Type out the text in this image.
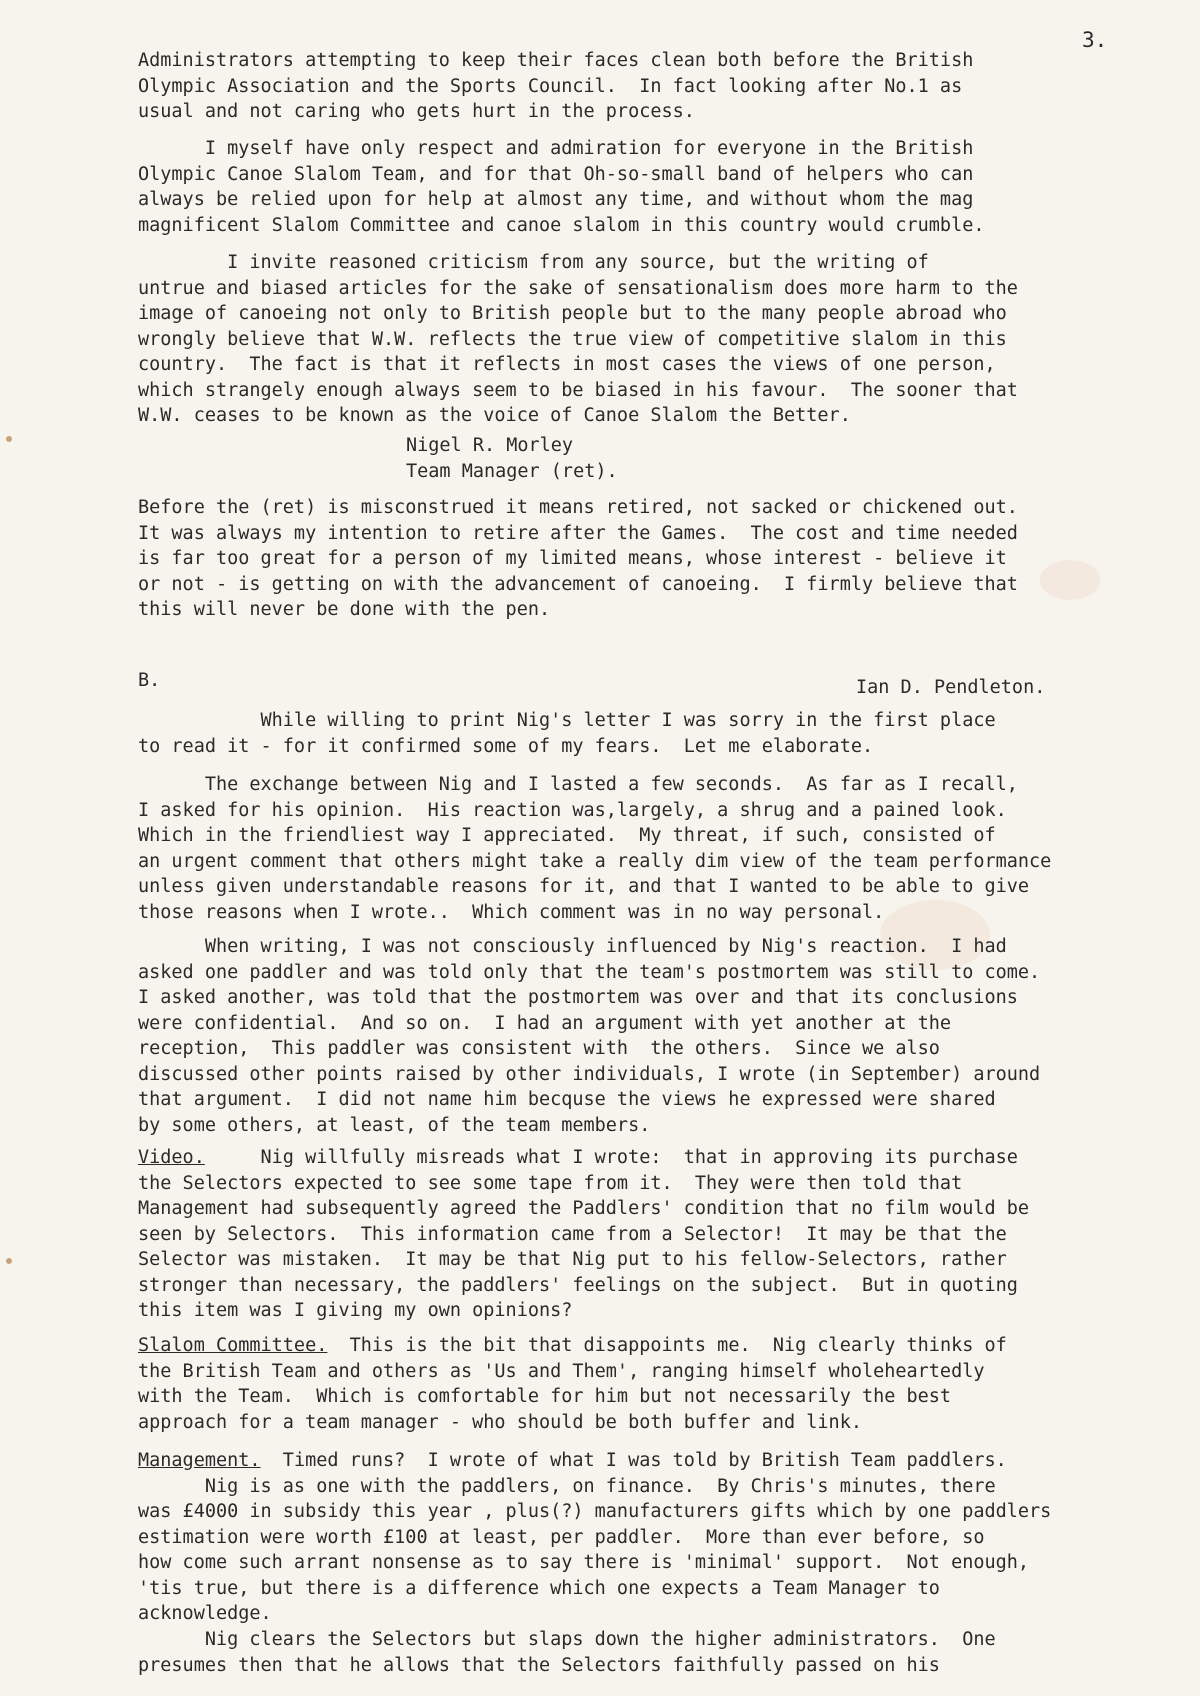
3.
Administrators attempting to keep their faces clean both before the British
Olympic Association and the Sports Council.  In fact looking after No.1 as
usual and not caring who gets hurt in the process.
I myself have only respect and admiration for everyone in the British
Olympic Canoe Slalom Team, and for that Oh-so-small band of helpers who can
always be relied upon for help at almost any time, and without whom the mag
magnificent Slalom Committee and canoe slalom in this country would crumble.
I invite reasoned criticism from any source, but the writing of
untrue and biased articles for the sake of sensationalism does more harm to the
image of canoeing not only to British people but to the many people abroad who
wrongly believe that W.W. reflects the true view of competitive slalom in this
country.  The fact is that it reflects in most cases the views of one person,
which strangely enough always seem to be biased in his favour.  The sooner that
W.W. ceases to be known as the voice of Canoe Slalom the Better.
Nigel R. Morley
Team Manager (ret).
Before the (ret) is misconstrued it means retired, not sacked or chickened out.
It was always my intention to retire after the Games.  The cost and time needed
is far too great for a person of my limited means, whose interest - believe it
or not - is getting on with the advancement of canoeing.  I firmly believe that
this will never be done with the pen.
B.	Ian D. Pendleton.
While willing to print Nig's letter I was sorry in the first place
to read it - for it confirmed some of my fears.  Let me elaborate.
The exchange between Nig and I lasted a few seconds.  As far as I recall,
I asked for his opinion.  His reaction was,largely, a shrug and a pained look.
Which in the friendliest way I appreciated.  My threat, if such, consisted of
an urgent comment that others might take a really dim view of the team performance
unless given understandable reasons for it, and that I wanted to be able to give
those reasons when I wrote..  Which comment was in no way personal.
When writing, I was not consciously influenced by Nig's reaction.  I had
asked one paddler and was told only that the team's postmortem was still to come.
I asked another, was told that the postmortem was over and that its conclusions
were confidential.  And so on.  I had an argument with yet another at the
reception,  This paddler was consistent with  the others.  Since we also
discussed other points raised by other individuals, I wrote (in September) around
that argument.  I did not name him becquse the views he expressed were shared
by some others, at least, of the team members.
Video.     Nig willfully misreads what I wrote:  that in approving its purchase
the Selectors expected to see some tape from it.  They were then told that
Management had subsequently agreed the Paddlers' condition that no film would be
seen by Selectors.  This information came from a Selector!  It may be that the
Selector was mistaken.  It may be that Nig put to his fellow-Selectors, rather
stronger than necessary, the paddlers' feelings on the subject.  But in quoting
this item was I giving my own opinions?
Slalom Committee.  This is the bit that disappoints me.  Nig clearly thinks of
the British Team and others as 'Us and Them', ranging himself wholeheartedly
with the Team.  Which is comfortable for him but not necessarily the best
approach for a team manager - who should be both buffer and link.
Management.  Timed runs?  I wrote of what I was told by British Team paddlers.
Nig is as one with the paddlers, on finance.  By Chris's minutes, there
was £4000 in subsidy this year , plus(?) manufacturers gifts which by one paddlers
estimation were worth £100 at least, per paddler.  More than ever before, so
how come such arrant nonsense as to say there is 'minimal' support.  Not enough,
'tis true, but there is a difference which one expects a Team Manager to
acknowledge.
Nig clears the Selectors but slaps down the higher administrators.  One
presumes then that he allows that the Selectors faithfully passed on his
